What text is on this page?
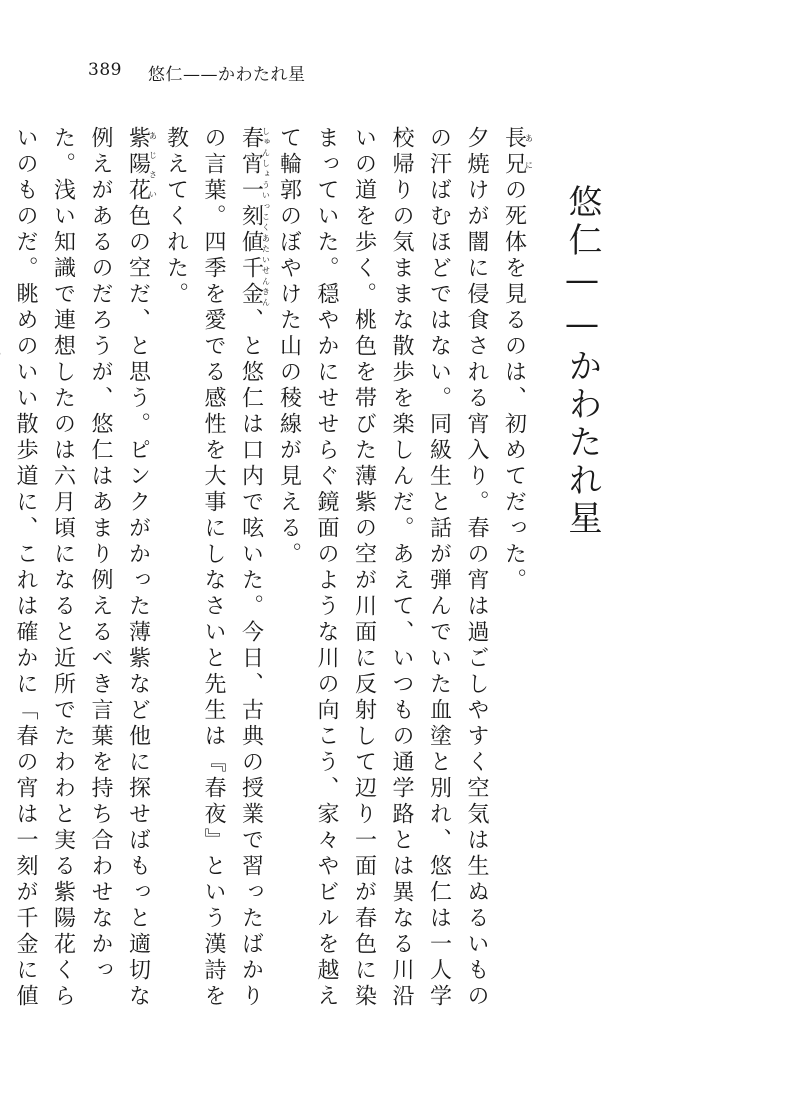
389 悠仁——かわたれ星
悠仁——かわたれ星

長兄あにの死体を見るのは、初めてだった。

夕焼けが闇に侵食される宵入り。春の宵は過ごしやすく空気は生ぬるいものの汗ばむほどではない。同級生と話が弾んでいた血塗と別れ、悠仁は一人学校帰りの気ままな散歩を楽しんだ。あえて、いつもの通学路とは異なる川沿いの道を歩く。桃色を帯びた薄紫の空が川面に反射して辺り一面が春色に染まっていた。穏やかにせせらぐ鏡面のような川の向こう、家々やビルを越えて輪郭のぼやけた山の稜線が見える。

春宵一刻値千金しゅんしょういっこくあたいせんきん、と悠仁は口内で呟いた。今日、古典の授業で習ったばかりの言葉。四季を愛でる感性を大事にしなさいと先生は『春夜』という漢詩を教えてくれた。

紫陽花あじさい色の空だ、と思う。ピンクがかった薄紫など他に探せばもっと適切な例えがあるのだろうが、悠仁はあまり例えるべき言葉を持ち合わせなかった。浅い知識で連想したのは六月頃になると近所でたわわと実る紫陽花くらいのものだ。眺めのいい散歩道に、これは確かに「春の宵は一刻が千金に値
